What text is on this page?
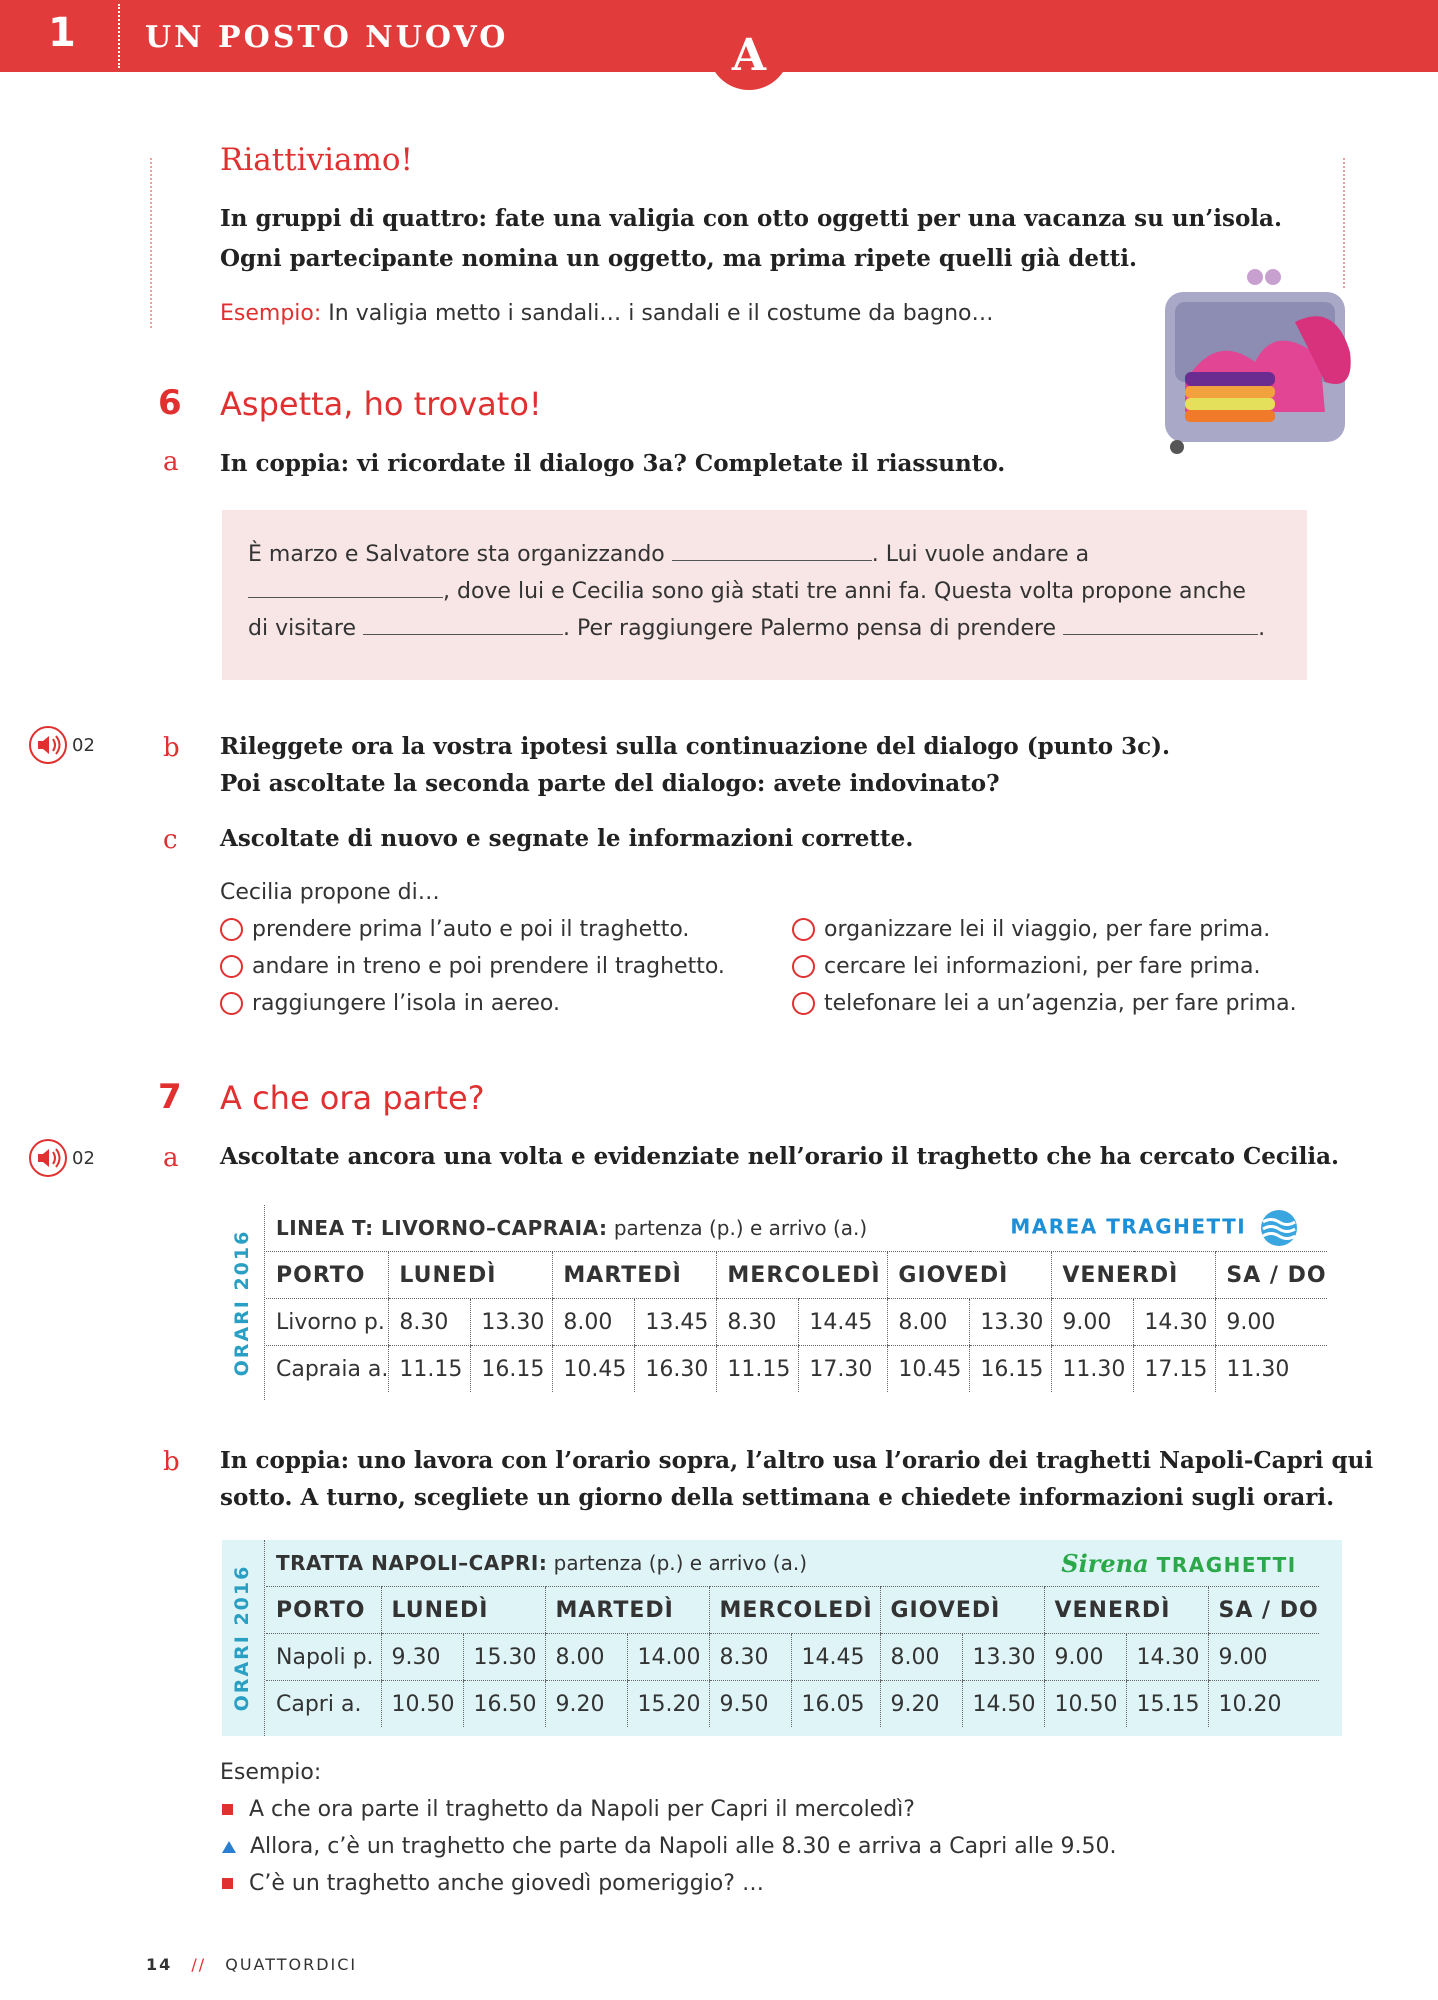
1 UN POSTO NUOVO	A
Riattiviamo!
In gruppi di quattro: fate una valigia con otto oggetti per una vacanza su un’isola.
Ogni partecipante nomina un oggetto, ma prima ripete quelli già detti.
Esempio: In valigia metto i sandali… i sandali e il costume da bagno…
6 Aspetta, ho trovato!
a In coppia: vi ricordate il dialogo 3a? Completate il riassunto.
È marzo e Salvatore sta organizzando	. Lui vuole andare a
, dove lui e Cecilia sono già stati tre anni fa. Questa volta propone anche
di visitare	. Per raggiungere Palermo pensa di prendere	.
02	b Rileggete ora la vostra ipotesi sulla continuazione del dialogo (punto 3c).
Poi ascoltate la seconda parte del dialogo: avete indovinato?
c Ascoltate di nuovo e segnate le informazioni corrette.
Cecilia propone di…
prendere prima l’auto e poi il traghetto.
andare in treno e poi prendere il traghetto.
raggiungere l’isola in aereo.
organizzare lei il viaggio, per fare prima.
cercare lei informazioni, per fare prima.
telefonare lei a un’agenzia, per fare prima.
7 A che ora parte?
02	a Ascoltate ancora una volta e evidenziate nell’orario il traghetto che ha cercato Cecilia.
ORARI 2016
LINEA T: LIVORNO–CAPRAIA: partenza (p.) e arrivo (a.)								MAREA TRAGHETTI			
PORTO	LUNEDÌ		MARTEDÌ		MERCOLEDÌ		GIOVEDÌ		VENERDÌ		SA / DO
Livorno p.	8.30	13.30	8.00	13.45	8.30	14.45	8.00	13.30	9.00	14.30	9.00
Capraia a.	11.15	16.15	10.45	16.30	11.15	17.30	10.45	16.15	11.30	17.15	11.30
b In coppia: uno lavora con l’orario sopra, l’altro usa l’orario dei traghetti Napoli-Capri qui
sotto. A turno, scegliete un giorno della settimana e chiedete informazioni sugli orari.
ORARI 2016
TRATTA NAPOLI–CAPRI: partenza (p.) e arrivo (a.)								Sirena TRAGHETTI			
PORTO	LUNEDÌ		MARTEDÌ		MERCOLEDÌ		GIOVEDÌ		VENERDÌ		SA / DO
Napoli p.	9.30	15.30	8.00	14.00	8.30	14.45	8.00	13.30	9.00	14.30	9.00
Capri a.	10.50	16.50	9.20	15.20	9.50	16.05	9.20	14.50	10.50	15.15	10.20
Esempio:
A che ora parte il traghetto da Napoli per Capri il mercoledì?
Allora, c’è un traghetto che parte da Napoli alle 8.30 e arriva a Capri alle 9.50.
C’è un traghetto anche giovedì pomeriggio? …
14 // QUATTORDICI
